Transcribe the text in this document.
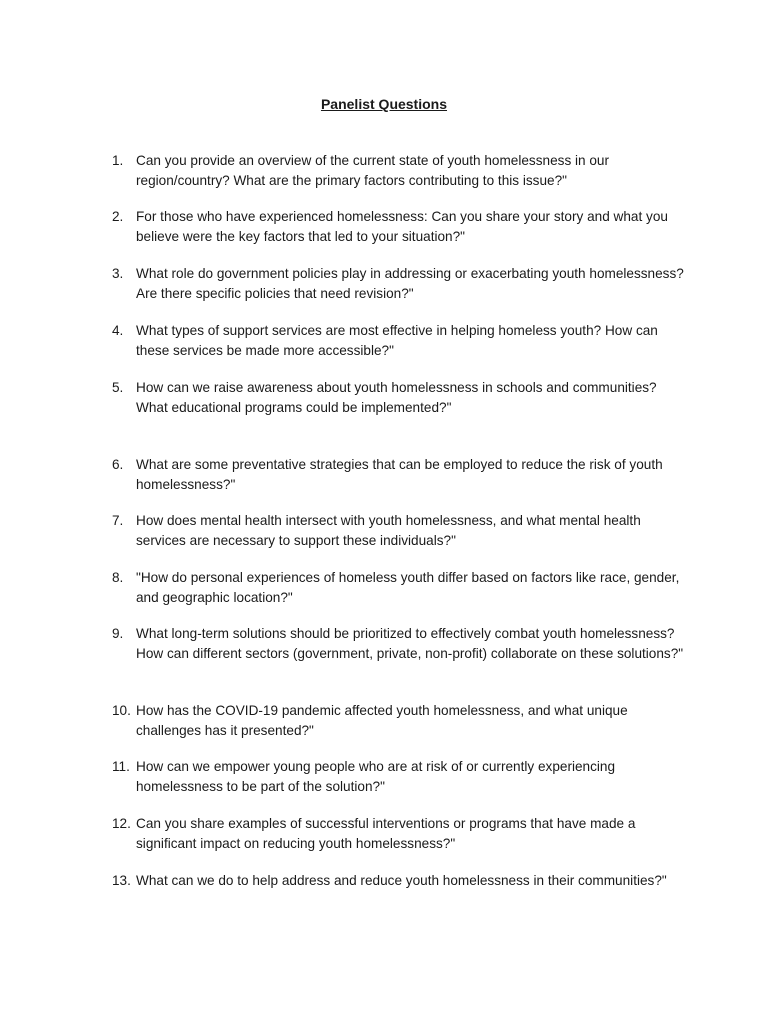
Panelist Questions
1. Can you provide an overview of the current state of youth homelessness in our region/country? What are the primary factors contributing to this issue?"
2. For those who have experienced homelessness: Can you share your story and what you believe were the key factors that led to your situation?"
3. What role do government policies play in addressing or exacerbating youth homelessness? Are there specific policies that need revision?"
4. What types of support services are most effective in helping homeless youth? How can these services be made more accessible?"
5. How can we raise awareness about youth homelessness in schools and communities? What educational programs could be implemented?"
6. What are some preventative strategies that can be employed to reduce the risk of youth homelessness?"
7. How does mental health intersect with youth homelessness, and what mental health services are necessary to support these individuals?"
8. "How do personal experiences of homeless youth differ based on factors like race, gender, and geographic location?"
9. What long-term solutions should be prioritized to effectively combat youth homelessness? How can different sectors (government, private, non-profit) collaborate on these solutions?"
10. How has the COVID-19 pandemic affected youth homelessness, and what unique challenges has it presented?"
11. How can we empower young people who are at risk of or currently experiencing homelessness to be part of the solution?"
12. Can you share examples of successful interventions or programs that have made a significant impact on reducing youth homelessness?"
13. What can we do to help address and reduce youth homelessness in their communities?"
